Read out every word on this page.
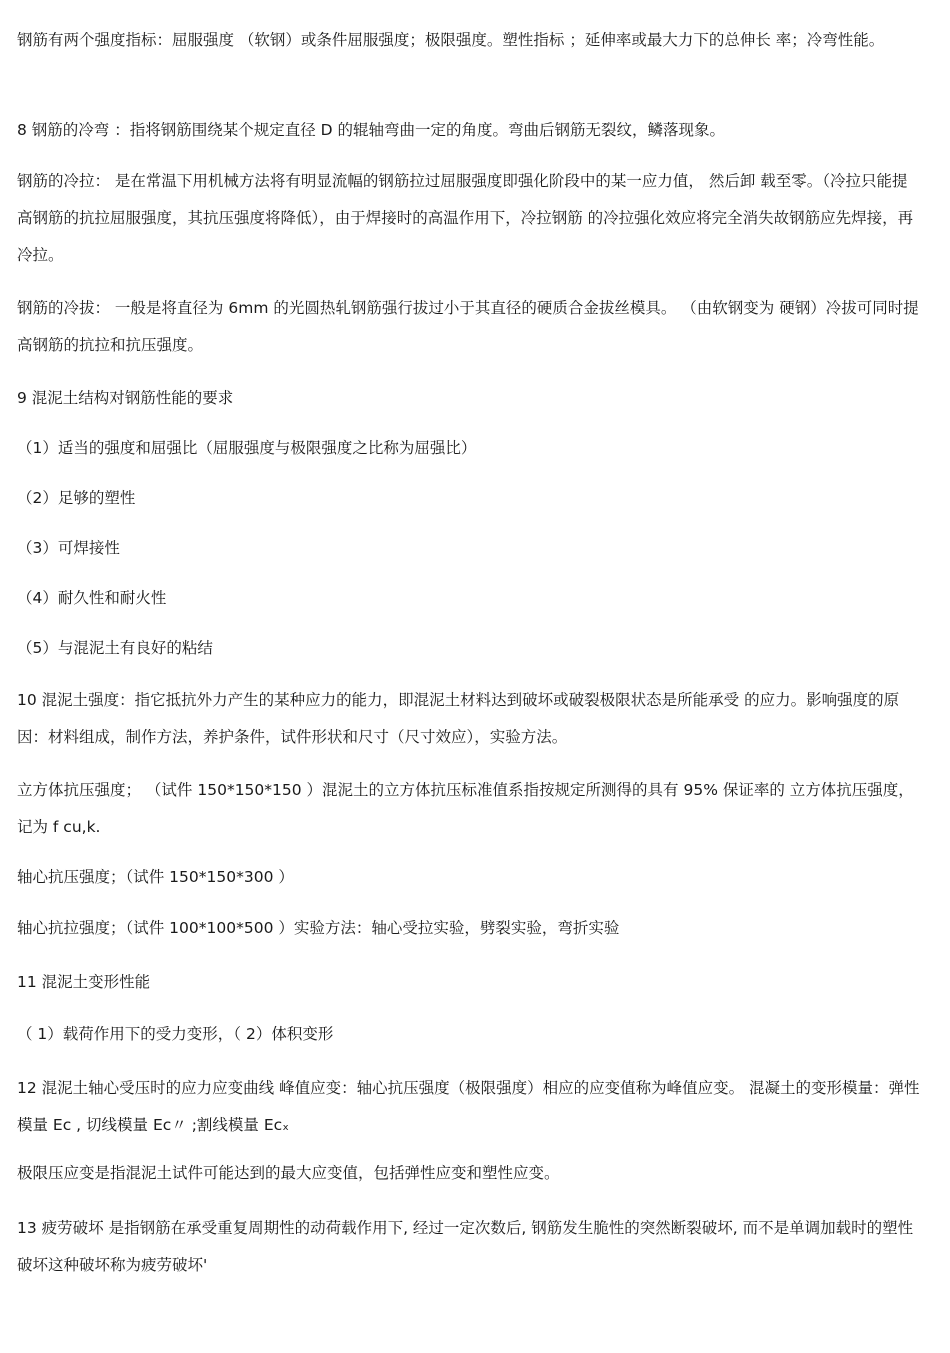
钢筋有两个强度指标：屈服强度 （软钢）或条件屈服强度；极限强度。塑性指标 ；延伸率或最大力下的总伸长 率；冷弯性能。

8 钢筋的冷弯 ：指将钢筋围绕某个规定直径 D 的辊轴弯曲一定的角度。弯曲后钢筋无裂纹，鳞落现象。

钢筋的冷拉： 是在常温下用机械方法将有明显流幅的钢筋拉过屈服强度即强化阶段中的某一应力值， 然后卸 载至零。（冷拉只能提高钢筋的抗拉屈服强度，其抗压强度将降低），由于焊接时的高温作用下，冷拉钢筋 的冷拉强化效应将完全消失故钢筋应先焊接，再冷拉。

钢筋的冷拔： 一般是将直径为 6mm 的光圆热轧钢筋强行拔过小于其直径的硬质合金拔丝模具。 （由软钢变为 硬钢）冷拔可同时提高钢筋的抗拉和抗压强度。

9 混泥土结构对钢筋性能的要求

（1）适当的强度和屈强比（屈服强度与极限强度之比称为屈强比）

（2）足够的塑性

（3）可焊接性

（4）耐久性和耐火性

（5）与混泥土有良好的粘结

10 混泥土强度：指它抵抗外力产生的某种应力的能力，即混泥土材料达到破坏或破裂极限状态是所能承受 的应力。影响强度的原因：材料组成，制作方法，养护条件，试件形状和尺寸（尺寸效应），实验方法。

立方体抗压强度； （试件 150*150*150 ）混泥土的立方体抗压标准值系指按规定所测得的具有 95% 保证率的 立方体抗压强度，记为 f cu,k.

轴心抗压强度；（试件 150*150*300 ）

轴心抗拉强度；（试件 100*100*500 ）实验方法：轴心受拉实验，劈裂实验，弯折实验

11 混泥土变形性能

（ 1）载荷作用下的受力变形，（ 2）体积变形

12 混泥土轴心受压时的应力应变曲线 峰值应变：轴心抗压强度（极限强度）相应的应变值称为峰值应变。 混凝土的变形模量：弹性模量 Ec , 切线模量 Ec〃 ;割线模量 Ecₓ

极限压应变是指混泥土试件可能达到的最大应变值，包括弹性应变和塑性应变。

13 疲劳破坏 是指钢筋在承受重复周期性的动荷载作用下, 经过一定次数后, 钢筋发生脆性的突然断裂破坏, 而不是单调加载时的塑性破坏这种破坏称为疲劳破坏'
